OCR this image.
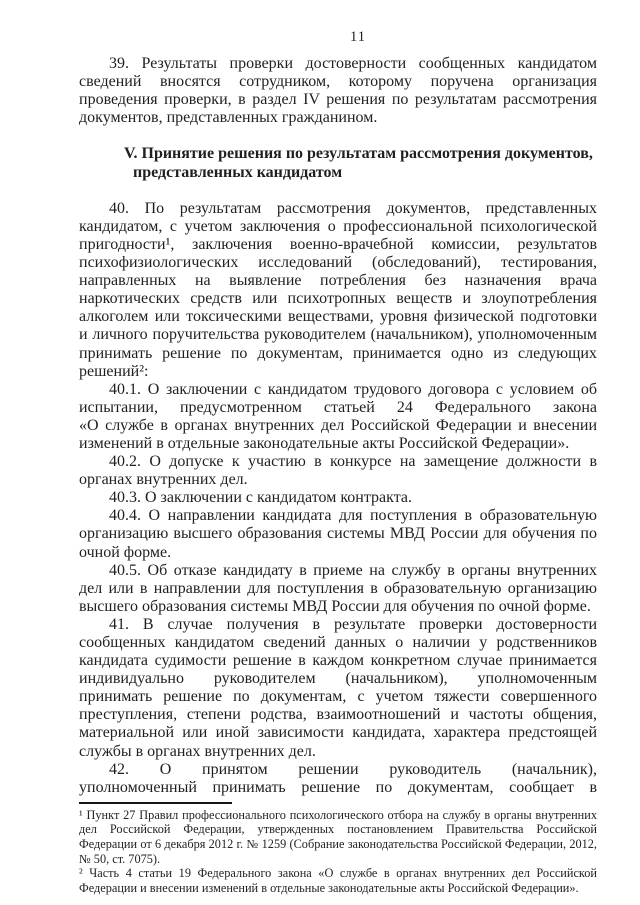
11
39. Результаты проверки достоверности сообщенных кандидатом
сведений вносятся сотрудником, которому поручена организация
проведения проверки, в раздел IV решения по результатам рассмотрения
документов, представленных гражданином.
V. Принятие решения по результатам рассмотрения документов,
представленных кандидатом
40. По результатам рассмотрения документов, представленных
кандидатом, с учетом заключения о профессиональной психологической
пригодности¹, заключения военно-врачебной комиссии, результатов
психофизиологических исследований (обследований), тестирования,
направленных на выявление потребления без назначения врача
наркотических средств или психотропных веществ и злоупотребления
алкоголем или токсическими веществами, уровня физической подготовки
и личного поручительства руководителем (начальником), уполномоченным
принимать решение по документам, принимается одно из следующих
решений²:
40.1. О заключении с кандидатом трудового договора с условием об
испытании, предусмотренном статьей 24 Федерального закона
«О службе в органах внутренних дел Российской Федерации и внесении
изменений в отдельные законодательные акты Российской Федерации».
40.2. О допуске к участию в конкурсе на замещение должности в
органах внутренних дел.
40.3. О заключении с кандидатом контракта.
40.4. О направлении кандидата для поступления в образовательную
организацию высшего образования системы МВД России для обучения по
очной форме.
40.5. Об отказе кандидату в приеме на службу в органы внутренних
дел или в направлении для поступления в образовательную организацию
высшего образования системы МВД России для обучения по очной форме.
41. В случае получения в результате проверки достоверности
сообщенных кандидатом сведений данных о наличии у родственников
кандидата судимости решение в каждом конкретном случае принимается
индивидуально руководителем (начальником), уполномоченным
принимать решение по документам, с учетом тяжести совершенного
преступления, степени родства, взаимоотношений и частоты общения,
материальной или иной зависимости кандидата, характера предстоящей
службы в органах внутренних дел.
42. О принятом решении руководитель (начальник),
уполномоченный принимать решение по документам, сообщает в

¹ Пункт 27 Правил профессионального психологического отбора на службу в органы внутренних дел Российской Федерации, утвержденных постановлением Правительства Российской Федерации от 6 декабря 2012 г. № 1259 (Собрание законодательства Российской Федерации, 2012, № 50, ст. 7075).

² Часть 4 статьи 19 Федерального закона «О службе в органах внутренних дел Российской Федерации и внесении изменений в отдельные законодательные акты Российской Федерации».
